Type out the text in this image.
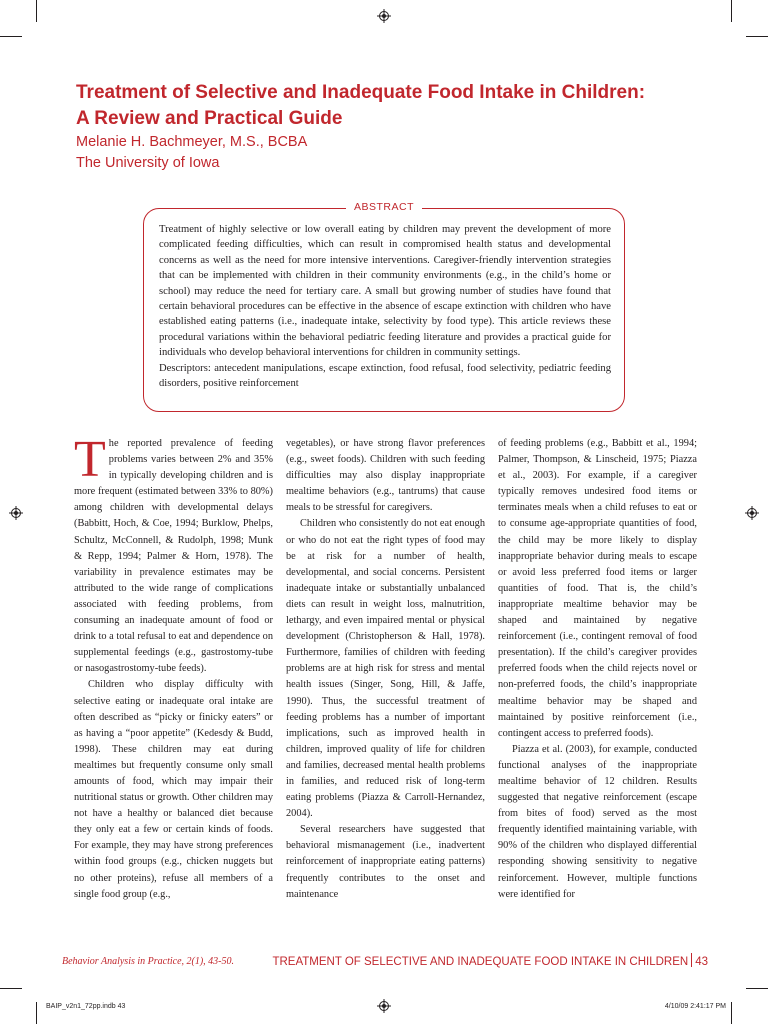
Treatment of Selective and Inadequate Food Intake in Children:
A Review and Practical Guide

Melanie H. Bachmeyer, M.S., BCBA

The University of Iowa

ABSTRACT

Treatment of highly selective or low overall eating by children may prevent the development of more complicated feeding difficulties, which can result in compromised health status and developmental concerns as well as the need for more intensive interventions. Caregiver-friendly intervention strategies that can be implemented with children in their community environments (e.g., in the child’s home or school) may reduce the need for tertiary care. A small but growing number of studies have found that certain behavioral procedures can be effective in the absence of escape extinction with children who have established eating patterns (i.e., inadequate intake, selectivity by food type). This article reviews these procedural variations within the behavioral pediatric feeding literature and provides a practical guide for individuals who develop behavioral interventions for children in community settings.

Descriptors: antecedent manipulations, escape extinction, food refusal, food selectivity, pediatric feeding disorders, positive reinforcement

The reported prevalence of feeding problems varies between 2% and 35% in typically developing children and is more frequent (estimated between 33% to 80%) among children with developmental delays (Babbitt, Hoch, & Coe, 1994; Burklow, Phelps, Schultz, McConnell, & Rudolph, 1998; Munk & Repp, 1994; Palmer & Horn, 1978). The variability in prevalence estimates may be attributed to the wide range of complications associated with feeding problems, from consuming an inadequate amount of food or drink to a total refusal to eat and dependence on supplemental feedings (e.g., gastrostomy-tube or nasogastrostomy-tube feeds).

Children who display difficulty with selective eating or inadequate oral intake are often described as “picky or finicky eaters” or as having a “poor appetite” (Kedesdy & Budd, 1998). These children may eat during mealtimes but frequently consume only small amounts of food, which may impair their nutritional status or growth. Other children may not have a healthy or balanced diet because they only eat a few or certain kinds of foods. For example, they may have strong preferences within food groups (e.g., chicken nuggets but no other proteins), refuse all members of a single food group (e.g.,

vegetables), or have strong flavor preferences (e.g., sweet foods). Children with such feeding difficulties may also display inappropriate mealtime behaviors (e.g., tantrums) that cause meals to be stressful for caregivers.

Children who consistently do not eat enough or who do not eat the right types of food may be at risk for a number of health, developmental, and social concerns. Persistent inadequate intake or substantially unbalanced diets can result in weight loss, malnutrition, lethargy, and even impaired mental or physical development (Christopherson & Hall, 1978). Furthermore, families of children with feeding problems are at high risk for stress and mental health issues (Singer, Song, Hill, & Jaffe, 1990). Thus, the successful treatment of feeding problems has a number of important implications, such as improved health in children, improved quality of life for children and families, decreased mental health problems in families, and reduced risk of long-term eating problems (Piazza & Carroll-Hernandez, 2004).

Several researchers have suggested that behavioral mismanagement (i.e., inadvertent reinforcement of inappropriate eating patterns) frequently contributes to the onset and maintenance

of feeding problems (e.g., Babbitt et al., 1994; Palmer, Thompson, & Linscheid, 1975; Piazza et al., 2003). For example, if a caregiver typically removes undesired food items or terminates meals when a child refuses to eat or to consume age-appropriate quantities of food, the child may be more likely to display inappropriate behavior during meals to escape or avoid less preferred food items or larger quantities of food. That is, the child’s inappropriate mealtime behavior may be shaped and maintained by negative reinforcement (i.e., contingent removal of food presentation). If the child’s caregiver provides preferred foods when the child rejects novel or non-preferred foods, the child’s inappropriate mealtime behavior may be shaped and maintained by positive reinforcement (i.e., contingent access to preferred foods).

Piazza et al. (2003), for example, conducted functional analyses of the inappropriate mealtime behavior of 12 children. Results suggested that negative reinforcement (escape from bites of food) served as the most frequently identified maintaining variable, with 90% of the children who displayed differential responding showing sensitivity to negative reinforcement. However, multiple functions were identified for

Behavior Analysis in Practice, 2(1), 43-50.	TREATMENT OF SELECTIVE AND INADEQUATE FOOD INTAKE IN CHILDREN 43
BAIP_v2n1_72pp.indb 43	4/10/09 2:41:17 PM
